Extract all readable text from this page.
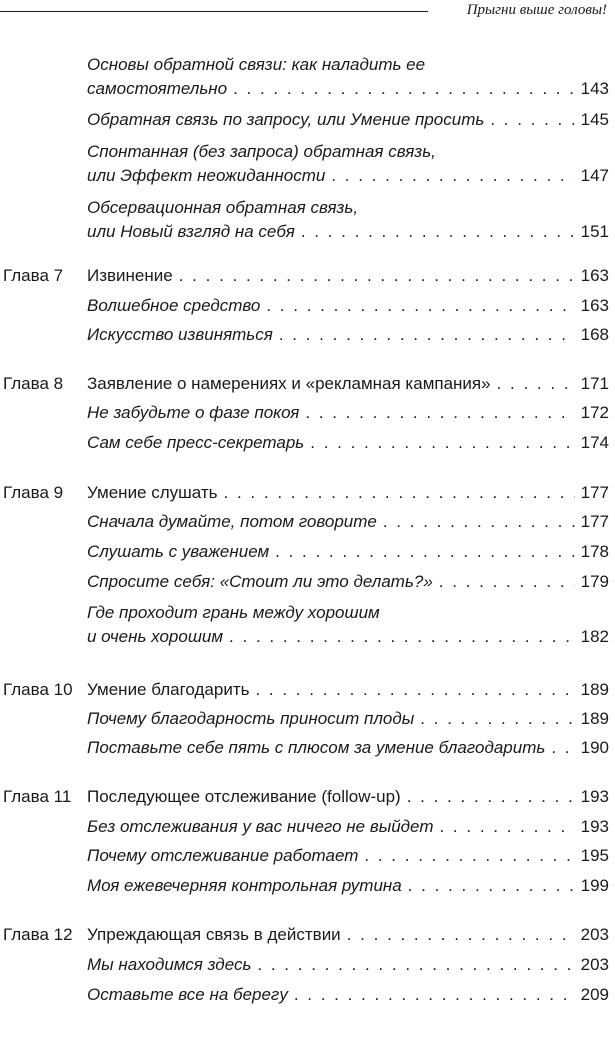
Прыгни выше головы!
Основы обратной связи: как наладить ее
самостоятельно . . .	143
Обратная связь по запросу, или Умение просить . . .	145
Спонтанная (без запроса) обратная связь,
или Эффект неожиданности . . .	147
Обсервационная обратная связь,
или Новый взгляд на себя . . .	151
Глава 7 Извинение . . .	163
Волшебное средство . . .	163
Искусство извиняться . . .	168
Глава 8 Заявление о намерениях и «рекламная кампания» . . .	171
Не забудьте о фазе покоя . . .	172
Сам себе пресс-секретарь . . .	174
Глава 9 Умение слушать . . .	177
Сначала думайте, потом говорите . . .	177
Слушать с уважением . . .	178
Спросите себя: «Стоит ли это делать?» . . .	179
Где проходит грань между хорошим
и очень хорошим . . .	182
Глава 10 Умение благодарить . . .	189
Почему благодарность приносит плоды . . .	189
Поставьте себе пять с плюсом за умение благодарить . . . 190
Глава 11 Последующее отслеживание (follow-up) . . .	193
Без отслеживания у вас ничего не выйдет . . .	193
Почему отслеживание работает . . .	195
Моя ежевечерняя контрольная рутина . . .	199
Глава 12 Упреждающая связь в действии . . .	203
Мы находимся здесь . . .	203
Оставьте все на берегу . . .	209
